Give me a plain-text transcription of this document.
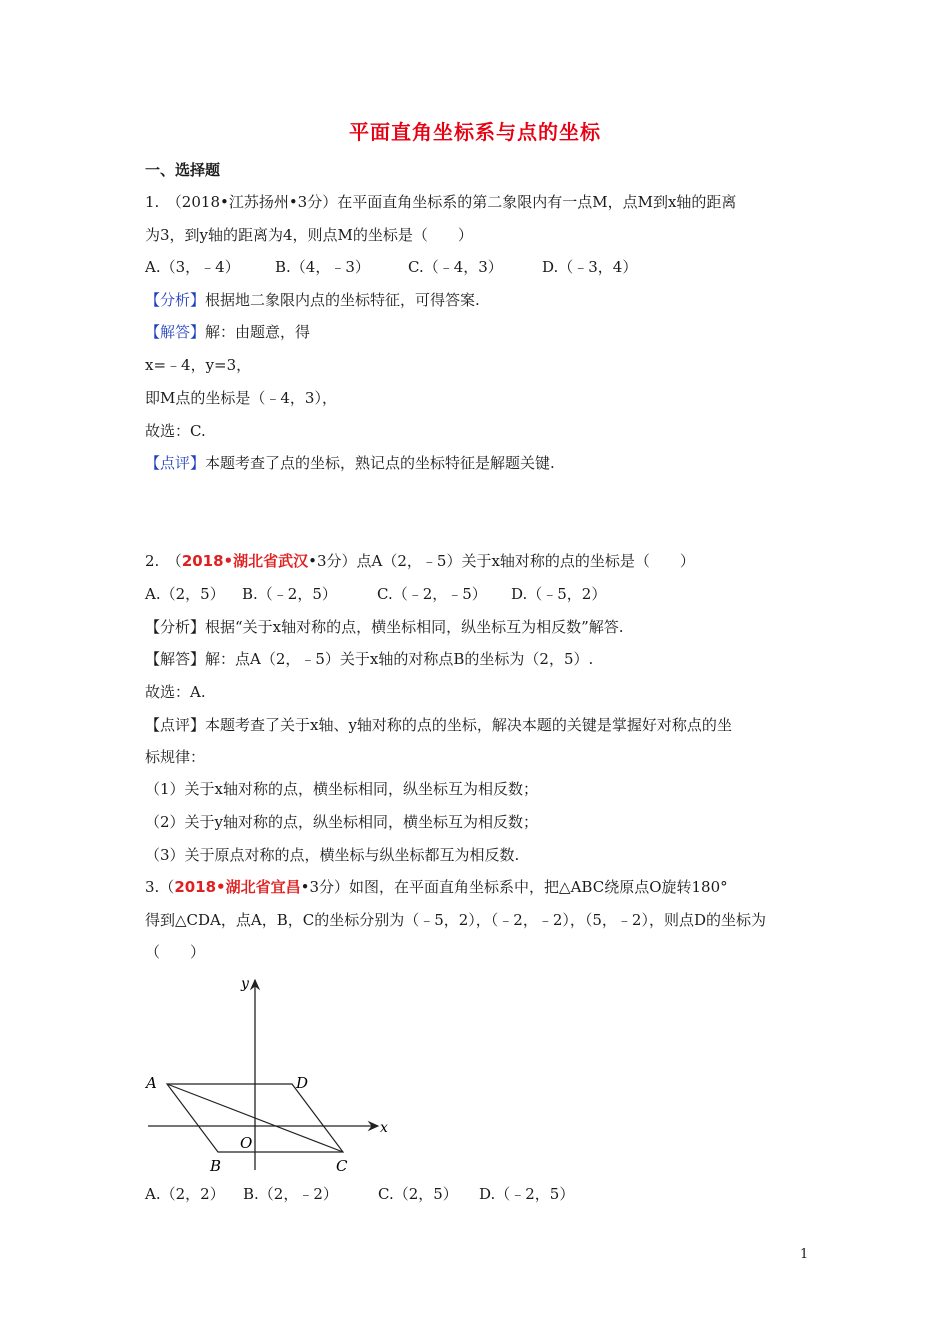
平面直角坐标系与点的坐标
一、选择题
1.　（2018•江苏扬州•3分）在平面直角坐标系的第二象限内有一点M，点M到x轴的距离
为3，到y轴的距离为4，则点M的坐标是（　　）
A.（3，﹣4） B.（4，﹣3）	C.（﹣4，3）	D.（﹣3，4）
【分析】根据地二象限内点的坐标特征，可得答案.
【解答】解：由题意，得
x=﹣4，y=3，
即M点的坐标是（﹣4，3），
故选：C.
【点评】本题考查了点的坐标，熟记点的坐标特征是解题关键.
2.　（2018•湖北省武汉•3分）点A（2，﹣5）关于x轴对称的点的坐标是（　　）
A.（2，5） B.（﹣2，5）	C.（﹣2，﹣5） D.（﹣5，2）
【分析】根据“关于x轴对称的点，横坐标相同，纵坐标互为相反数”解答.
【解答】解：点A（2，﹣5）关于x轴的对称点B的坐标为（2，5）.
故选：A.
【点评】本题考查了关于x轴、y轴对称的点的坐标，解决本题的关键是掌握好对称点的坐
标规律：
（1）关于x轴对称的点，横坐标相同，纵坐标互为相反数；
（2）关于y轴对称的点，纵坐标相同，横坐标互为相反数；
（3）关于原点对称的点，横坐标与纵坐标都互为相反数.
3.（2018•湖北省宜昌•3分）如图，在平面直角坐标系中，把△ABC绕原点O旋转180°
得到△CDA，点A，B，C的坐标分别为（﹣5，2），（﹣2，﹣2），（5，﹣2），则点D的坐标为
（　　）
A	D
B	C
O
x
y
A.（2，2） B.（2，﹣2）	C.（2，5） D.（﹣2，5）
1
